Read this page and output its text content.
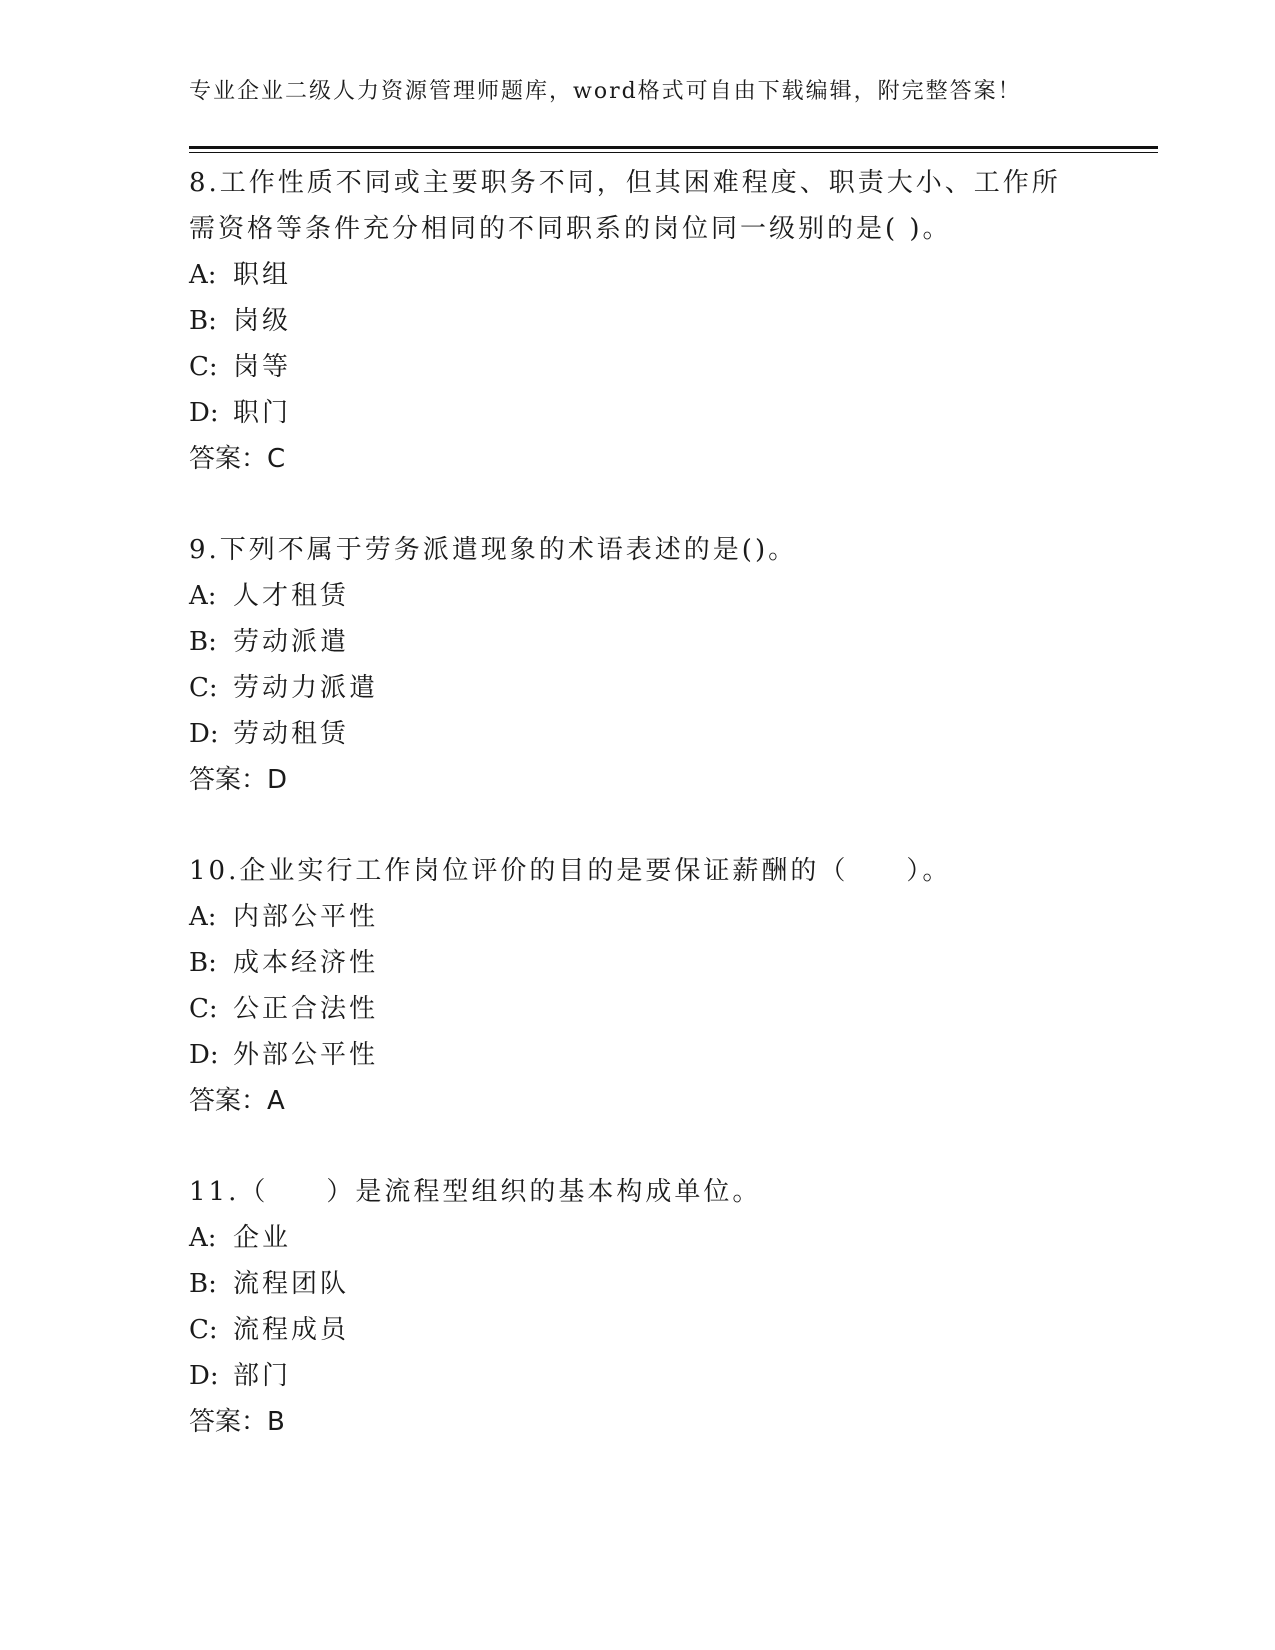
专业企业二级人力资源管理师题库，word格式可自由下载编辑，附完整答案！
8.工作性质不同或主要职务不同，但其困难程度、职责大小、工作所
需资格等条件充分相同的不同职系的岗位同一级别的是( )。
A: 职组
B: 岗级
C: 岗等
D: 职门
答案：C
9.下列不属于劳务派遣现象的术语表述的是()。
A: 人才租赁
B: 劳动派遣
C: 劳动力派遣
D: 劳动租赁
答案：D
10.企业实行工作岗位评价的目的是要保证薪酬的（　　）。
A: 内部公平性
B: 成本经济性
C: 公正合法性
D: 外部公平性
答案：A
11.（　　）是流程型组织的基本构成单位。
A: 企业
B: 流程团队
C: 流程成员
D: 部门
答案：B
